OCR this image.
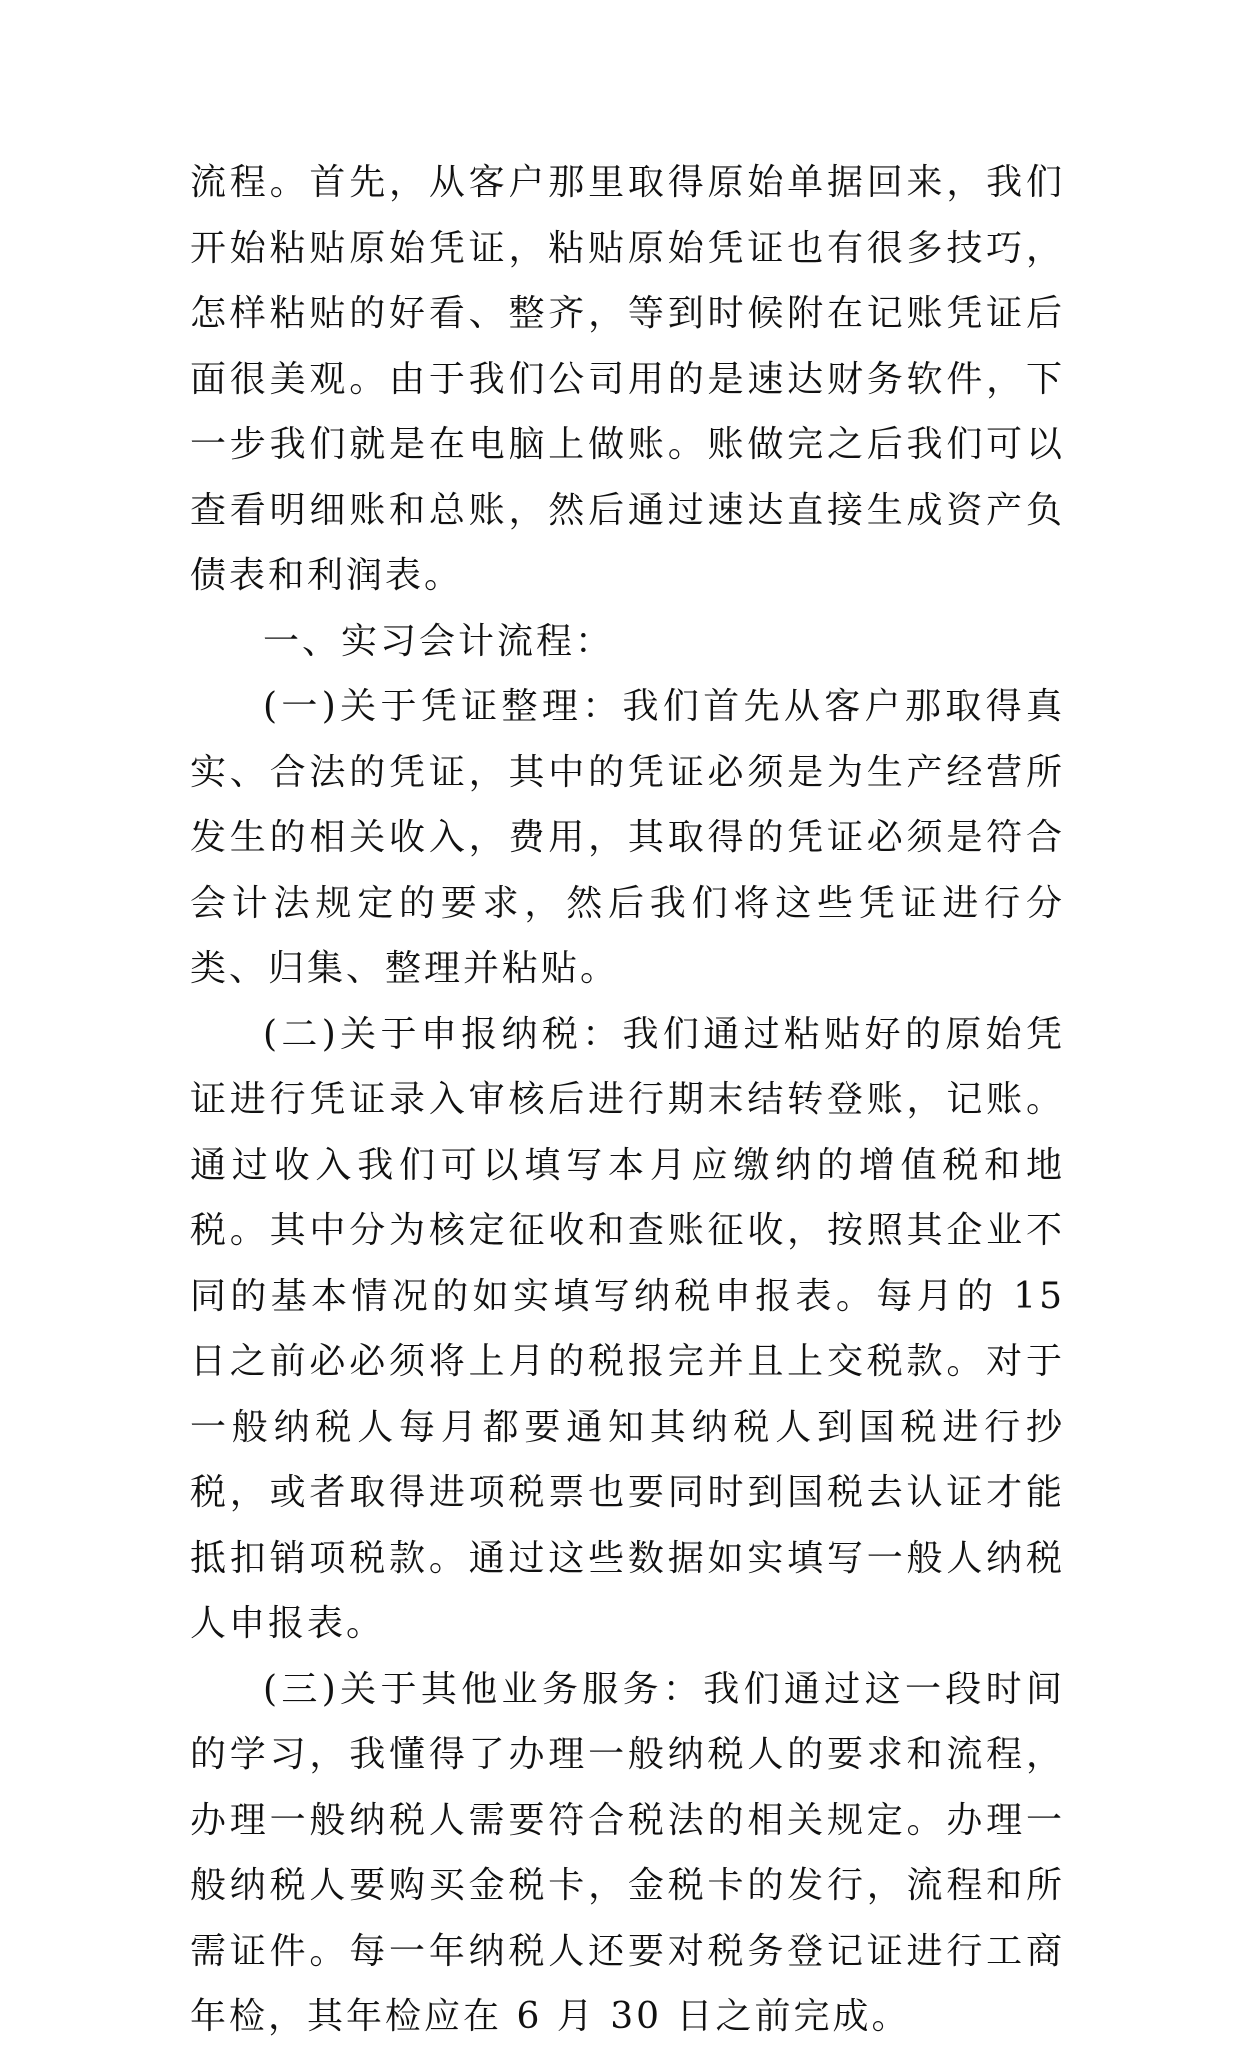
流程。首先，从客户那里取得原始单据回来，我们开始粘贴原始凭证，粘贴原始凭证也有很多技巧，怎样粘贴的好看、整齐，等到时候附在记账凭证后面很美观。由于我们公司用的是速达财务软件，下一步我们就是在电脑上做账。账做完之后我们可以查看明细账和总账，然后通过速达直接生成资产负债表和利润表。

一、实习会计流程：

(一)关于凭证整理：我们首先从客户那取得真实、合法的凭证，其中的凭证必须是为生产经营所发生的相关收入，费用，其取得的凭证必须是符合会计法规定的要求，然后我们将这些凭证进行分类、归集、整理并粘贴。

(二)关于申报纳税：我们通过粘贴好的原始凭证进行凭证录入审核后进行期末结转登账，记账。通过收入我们可以填写本月应缴纳的增值税和地税。其中分为核定征收和查账征收，按照其企业不同的基本情况的如实填写纳税申报表。每月的 15 日之前必必须将上月的税报完并且上交税款。对于一般纳税人每月都要通知其纳税人到国税进行抄税，或者取得进项税票也要同时到国税去认证才能抵扣销项税款。通过这些数据如实填写一般人纳税人申报表。

(三)关于其他业务服务：我们通过这一段时间的学习，我懂得了办理一般纳税人的要求和流程，办理一般纳税人需要符合税法的相关规定。办理一般纳税人要购买金税卡，金税卡的发行，流程和所需证件。每一年纳税人还要对税务登记证进行工商年检，其年检应在 6 月 30 日之前完成。
